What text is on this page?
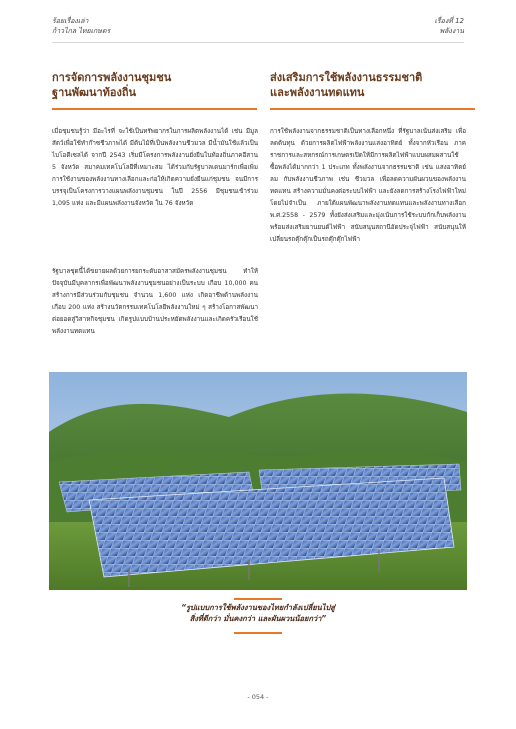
ร้อยเรื่องเล่า
ก้าวไกล ไทยเกษตร
เรื่องที่ 12
พลังงาน
การจัดการพลังงานชุมชน
ฐานพัฒนาท้องถิ่น
เมื่อชุมชนรู้ว่า มีอะไรที่ จะใช้เป็นทรัพยากรในการผลิตพลังงานได้ เช่น มีมูลสัตว์เพื่อใช้ทำก๊าซชีวภาพได้ มีต้นไม้ที่เป็นพลังงานชีวมวล มีน้ำมันใช้แล้วเป็นไบโอดีเซลได้ จากปี 2543 เริ่มมีโครงการพลังงานยั่งยืนในท้องถิ่นภาคอีสาน 5 จังหวัด สมาคมเทคโนโลยีที่เหมาะสม ได้ร่วมกับรัฐบาลเดนมาร์กเพื่อเพิ่มการใช้งานของพลังงานทางเลือกและก่อให้เกิดความยั่งยืนแก่ชุมชน จนมีการบรรจุเป็นโครงการวางแผนพลังงานชุมชน ในปี 2556 มีชุมชนเข้าร่วม 1,095 แห่ง และมีแผนพลังงานจังหวัด ใน 76 จังหวัด
รัฐบาลชุดนี้ได้ขยายผลด้วยการยกระดับอาสาสมัครพลังงานชุมชน ทำให้ปัจจุบันมีบุคลากรเพื่อพัฒนาพลังงานชุมชนอย่างเป็นระบบ เกือบ 10,000 คน สร้างการมีส่วนร่วมกับชุมชน จำนวน 1,600 แห่ง เกิดอาชีพด้านพลังงาน เกือบ 200 แห่ง สร้างนวัตกรรมเทคโนโลยีพลังงานใหม่ ๆ สร้างโอกาสพัฒนาต่อยอดสู่วิสาหกิจชุมชน เกิดรูปแบบบ้านประหยัดพลังงานและเกิดครัวเรือนใช้พลังงานทดแทน
ส่งเสริมการใช้พลังงานธรรมชาติ
และพลังงานทดแทน
การใช้พลังงานจากธรรมชาติเป็นทางเลือกหนึ่ง ที่รัฐบาลเน้นส่งเสริม เพื่อลดต้นทุน ด้วยการผลิตไฟฟ้าพลังงานแสงอาทิตย์ ทั้งจากหัวเรือน ภาคราชการและสหกรณ์การเกษตรเปิดให้มีการผลิตไฟฟ้าแบบผสมผสานใช้ซื้อพลังได้มากกว่า 1 ประเภท ทั้งพลังงานจากธรรมชาติ เช่น แสงอาทิตย์ ลม กับพลังงานชีวภาพ เช่น ชีวมวล เพื่อลดความผันผวนของพลังงานทดแทน สร้างความมั่นคงต่อระบบไฟฟ้า และยังลดการสร้างโรงไฟฟ้าใหม่โดยไม่จำเป็น ภายใต้แผนพัฒนาพลังงานทดแทนและพลังงานทางเลือก พ.ศ.2558 - 2579 ทั้งยังส่งเสริมและมุ่งเน้นการใช้ระบบกักเก็บพลังงาน พร้อมส่งเสริมยานยนต์ไฟฟ้า สนับสนุนสถานีอัดประจุไฟฟ้า สนับสนุนให้เปลี่ยนรถตุ๊กตุ๊กเป็นรถตุ๊กตุ๊กไฟฟ้า
“รูปแบบการใช้พลังงานของไทยกำลังเปลี่ยนไปสู่
สิ่งที่ดีกว่า มั่นคงกว่า และผันผวนน้อยกว่า”
- 054 -
